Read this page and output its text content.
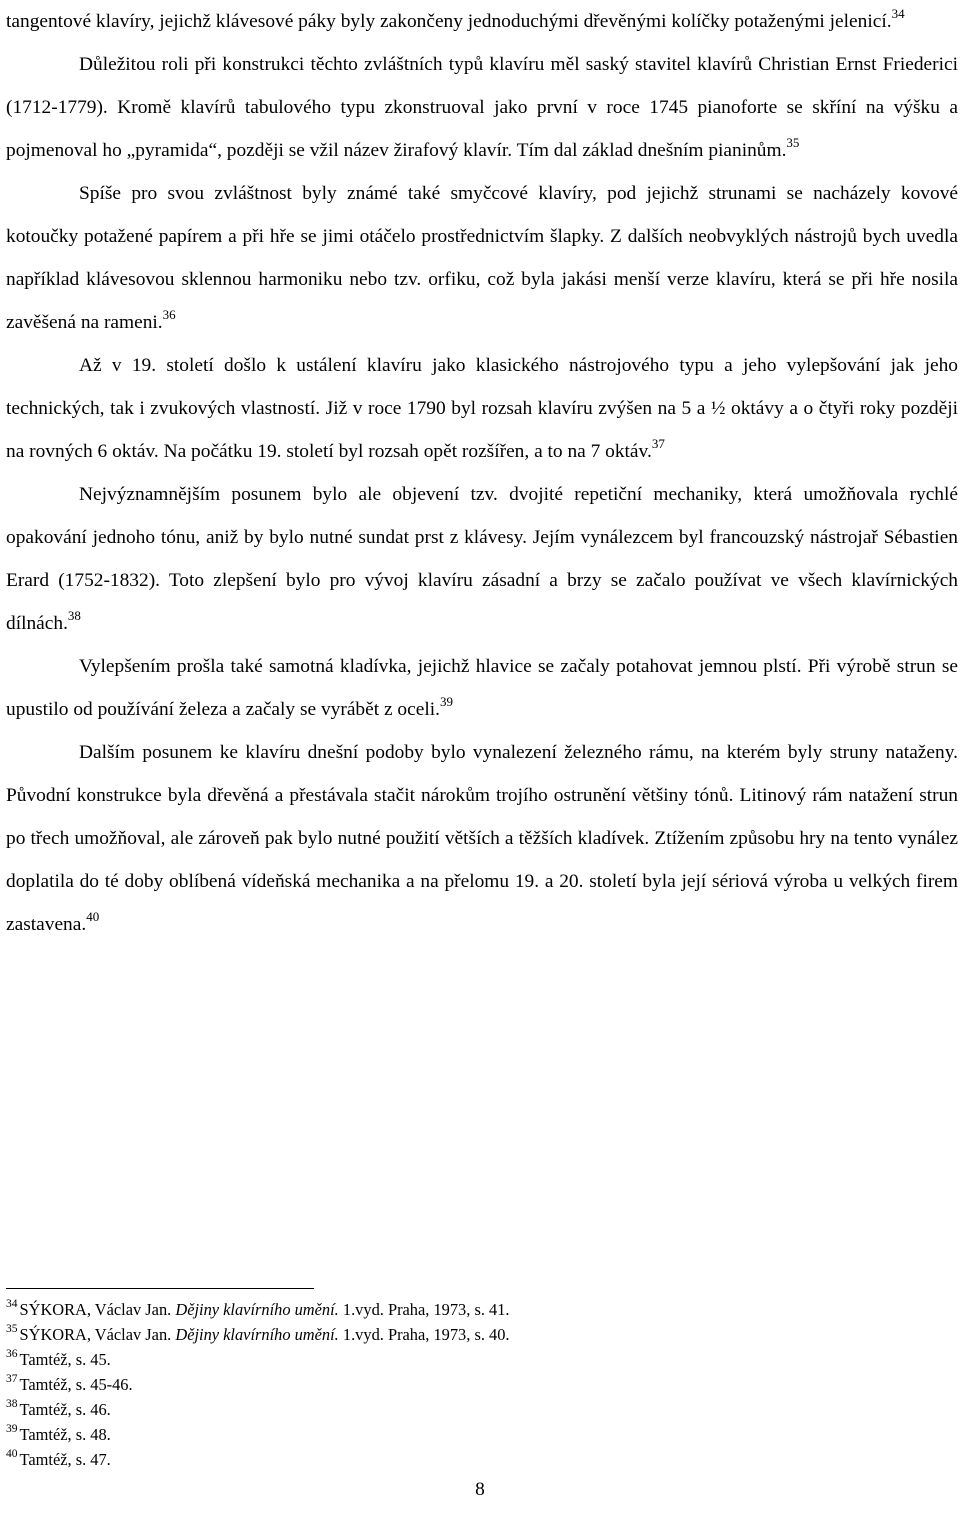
tangentové klavíry, jejichž klávesové páky byly zakončeny jednoduchými dřevěnými kolíčky potaženými jelenicí.$^{34}$

Důležitou roli při konstrukci těchto zvláštních typů klavíru měl saský stavitel klavírů Christian Ernst Friederici (1712-1779). Kromě klavírů tabulového typu zkonstruoval jako první v roce 1745 pianoforte se skříní na výšku a pojmenoval ho „pyramida“, později se vžil název žirafový klavír. Tím dal základ dnešním pianinům.$^{35}$

Spíše pro svou zvláštnost byly známé také smyčcové klavíry, pod jejichž strunami se nacházely kovové kotoučky potažené papírem a při hře se jimi otáčelo prostřednictvím šlapky. Z dalších neobvyklých nástrojů bych uvedla například klávesovou sklennou harmoniku nebo tzv. orfiku, což byla jakási menší verze klavíru, která se při hře nosila zavěšená na rameni.$^{36}$

Až v 19. století došlo k ustálení klavíru jako klasického nástrojového typu a jeho vylepšování jak jeho technických, tak i zvukových vlastností. Již v roce 1790 byl rozsah klavíru zvýšen na 5 a ½ oktávy a o čtyři roky později na rovných 6 oktáv. Na počátku 19. století byl rozsah opět rozšířen, a to na 7 oktáv.$^{37}$

Nejvýznamnějším posunem bylo ale objevení tzv. dvojité repetiční mechaniky, která umožňovala rychlé opakování jednoho tónu, aniž by bylo nutné sundat prst z klávesy. Jejím vynálezcem byl francouzský nástrojař Sébastien Erard (1752-1832). Toto zlepšení bylo pro vývoj klavíru zásadní a brzy se začalo používat ve všech klavírnických dílnách.$^{38}$

Vylepšením prošla také samotná kladívka, jejichž hlavice se začaly potahovat jemnou plstí. Při výrobě strun se upustilo od používání železa a začaly se vyrábět z oceli.$^{39}$

Dalším posunem ke klavíru dnešní podoby bylo vynalezení železného rámu, na kterém byly struny nataženy. Původní konstrukce byla dřevěná a přestávala stačit nárokům trojího ostrunění většiny tónů. Litinový rám natažení strun po třech umožňoval, ale zároveň pak bylo nutné použití větších a těžších kladívek. Ztížením způsobu hry na tento vynález doplatila do té doby oblíbená vídeňská mechanika a na přelomu 19. a 20. století byla její sériová výroba u velkých firem zastavena.$^{40}$

$^{34}$ SÝKORA, Václav Jan. Dějiny klavírního umění. 1.vyd. Praha, 1973, s. 41.

$^{35}$ SÝKORA, Václav Jan. Dějiny klavírního umění. 1.vyd. Praha, 1973, s. 40.

$^{36}$ Tamtéž, s. 45.

$^{37}$ Tamtéž, s. 45-46.

$^{38}$ Tamtéž, s. 46.

$^{39}$ Tamtéž, s. 48.

$^{40}$ Tamtéž, s. 47.

8
